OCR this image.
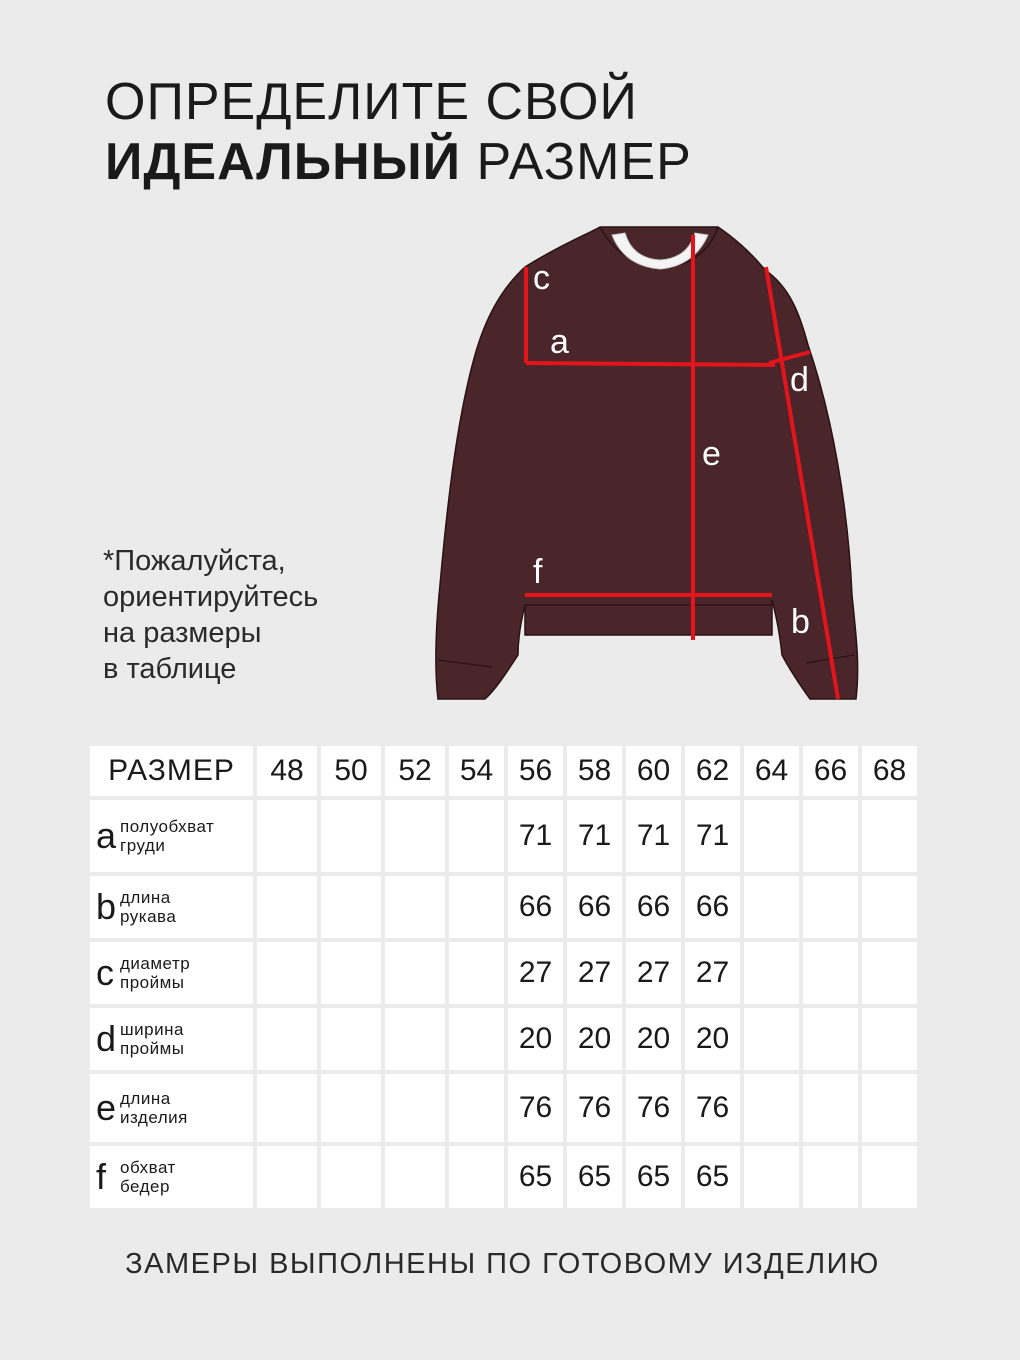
ОПРЕДЕЛИТЕ СВОЙ
ИДЕАЛЬНЫЙ РАЗМЕР
*Пожалуйста,
ориентируйтесь
на размеры
в таблице
c
a
e
f
d
b
РАЗМЕР	48	50	52	54	56	58	60	62	64	66	68

a полуобхват
груди					71	71	71	71			

b длина
рукава					66	66	66	66			

c диаметр
проймы					27	27	27	27			

d ширина
проймы					20	20	20	20			

e длина
изделия					76	76	76	76			

f обхват
бедер					65	65	65	65			
ЗАМЕРЫ ВЫПОЛНЕНЫ ПО ГОТОВОМУ ИЗДЕЛИЮ
